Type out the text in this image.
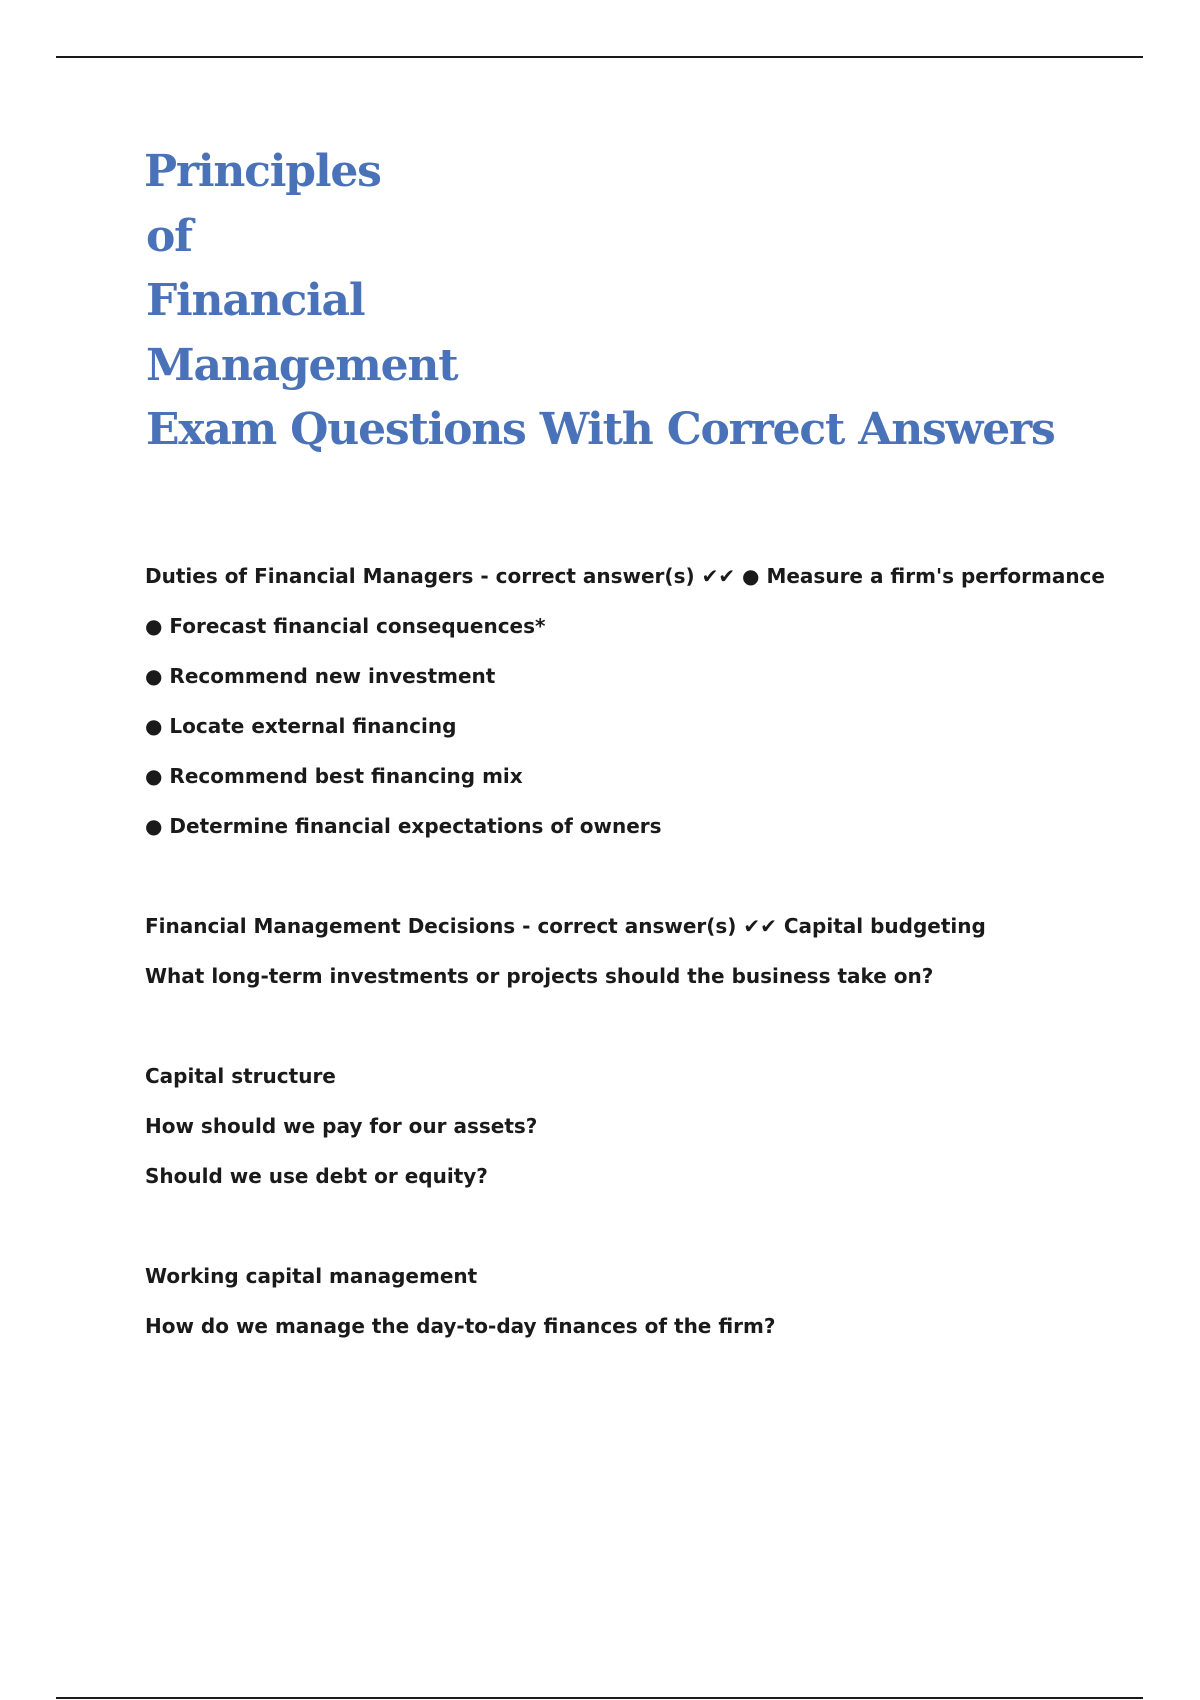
Principles
of
Financial
Management
Exam Questions With Correct Answers
Duties of Financial Managers - correct answer(s) ✔✔ ● Measure a firm's performance
● Forecast financial consequences*
● Recommend new investment
● Locate external financing
● Recommend best financing mix
● Determine financial expectations of owners
Financial Management Decisions - correct answer(s) ✔✔ Capital budgeting
What long-term investments or projects should the business take on?
Capital structure
How should we pay for our assets?
Should we use debt or equity?
Working capital management
How do we manage the day-to-day finances of the firm?
